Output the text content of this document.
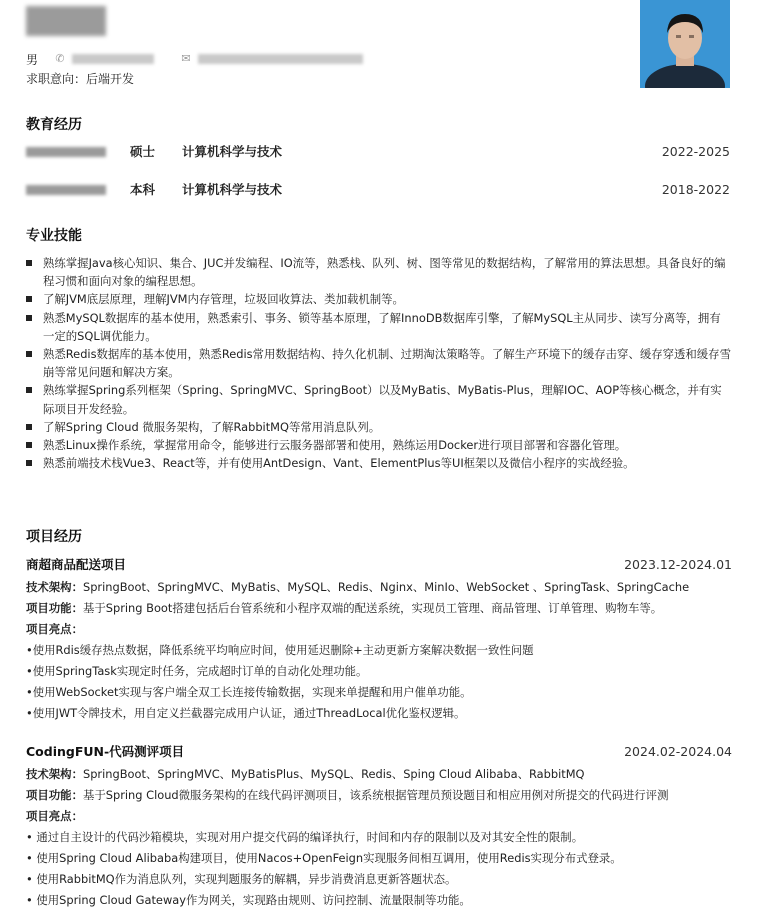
男 ✆	✉
求职意向：后端开发
教育经历
硕士 计算机科学与技术	2022-2025
本科 计算机科学与技术	2018-2022
专业技能
熟练掌握Java核心知识、集合、JUC并发编程、IO流等，熟悉栈、队列、树、图等常见的数据结构，了解常用的算法思想。具备良好的编程习惯和面向对象的编程思想。
了解JVM底层原理，理解JVM内存管理，垃圾回收算法、类加载机制等。
熟悉MySQL数据库的基本使用，熟悉索引、事务、锁等基本原理，了解InnoDB数据库引擎，了解MySQL主从同步、读写分离等，拥有一定的SQL调优能力。
熟悉Redis数据库的基本使用，熟悉Redis常用数据结构、持久化机制、过期淘汰策略等。了解生产环境下的缓存击穿、缓存穿透和缓存雪崩等常见问题和解决方案。
熟练掌握Spring系列框架（Spring、SpringMVC、SpringBoot）以及MyBatis、MyBatis-Plus，理解IOC、AOP等核心概念，并有实际项目开发经验。
了解Spring Cloud 微服务架构，了解RabbitMQ等常用消息队列。
熟悉Linux操作系统，掌握常用命令，能够进行云服务器部署和使用，熟练运用Docker进行项目部署和容器化管理。
熟悉前端技术栈Vue3、React等，并有使用AntDesign、Vant、ElementPlus等UI框架以及微信小程序的实战经验。
项目经历
商超商品配送项目	2023.12-2024.01
技术架构：SpringBoot、SpringMVC、MyBatis、MySQL、Redis、Nginx、MinIo、WebSocket 、SpringTask、SpringCache
项目功能：基于Spring Boot搭建包括后台管系统和小程序双端的配送系统，实现员工管理、商品管理、订单管理、购物车等。
项目亮点：
•使用Rdis缓存热点数据，降低系统平均响应时间，使用延迟删除+主动更新方案解决数据一致性问题
•使用SpringTask实现定时任务，完成超时订单的自动化处理功能。
•使用WebSocket实现与客户端全双工长连接传输数据，实现来单提醒和用户催单功能。
•使用JWT令牌技术，用自定义拦截器完成用户认证，通过ThreadLocal优化鉴权逻辑。
CodingFUN-代码测评项目	2024.02-2024.04
技术架构：SpringBoot、SpringMVC、MyBatisPlus、MySQL、Redis、Sping Cloud Alibaba、RabbitMQ
项目功能：基于Spring Cloud微服务架构的在线代码评测项目，该系统根据管理员预设题目和相应用例对所提交的代码进行评测
项目亮点：
• 通过自主设计的代码沙箱模块，实现对用户提交代码的编译执行，时间和内存的限制以及对其安全性的限制。
• 使用Spring Cloud Alibaba构建项目，使用Nacos+OpenFeign实现服务间相互调用，使用Redis实现分布式登录。
• 使用RabbitMQ作为消息队列，实现判题服务的解耦，异步消费消息更新答题状态。
• 使用Spring Cloud Gateway作为网关，实现路由规则、访问控制、流量限制等功能。
